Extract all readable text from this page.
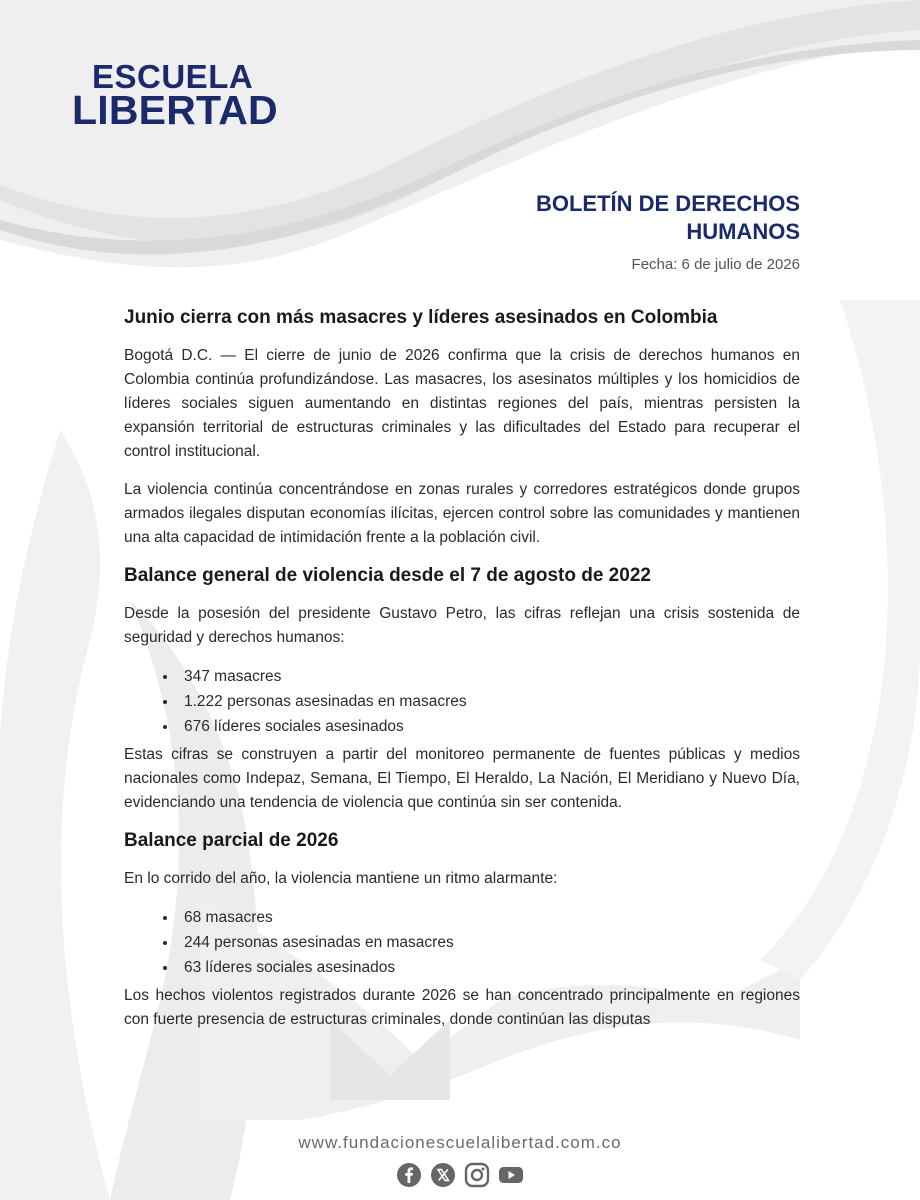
ESCUELA
LIBERTAD
BOLETÍN DE DERECHOS
HUMANOS
Fecha: 6 de julio de 2026
Junio cierra con más masacres y líderes asesinados en Colombia

Bogotá D.C. — El cierre de junio de 2026 confirma que la crisis de derechos humanos en Colombia continúa profundizándose. Las masacres, los asesinatos múltiples y los homicidios de líderes sociales siguen aumentando en distintas regiones del país, mientras persisten la expansión territorial de estructuras criminales y las dificultades del Estado para recuperar el control institucional.

La violencia continúa concentrándose en zonas rurales y corredores estratégicos donde grupos armados ilegales disputan economías ilícitas, ejercen control sobre las comunidades y mantienen una alta capacidad de intimidación frente a la población civil.

Balance general de violencia desde el 7 de agosto de 2022

Desde la posesión del presidente Gustavo Petro, las cifras reflejan una crisis sostenida de seguridad y derechos humanos:

• 347 masacres
• 1.222 personas asesinadas en masacres
• 676 líderes sociales asesinados

Estas cifras se construyen a partir del monitoreo permanente de fuentes públicas y medios nacionales como Indepaz, Semana, El Tiempo, El Heraldo, La Nación, El Meridiano y Nuevo Día, evidenciando una tendencia de violencia que continúa sin ser contenida.

Balance parcial de 2026

En lo corrido del año, la violencia mantiene un ritmo alarmante:

• 68 masacres
• 244 personas asesinadas en masacres
• 63 líderes sociales asesinados

Los hechos violentos registrados durante 2026 se han concentrado principalmente en regiones con fuerte presencia de estructuras criminales, donde continúan las disputas

www.fundacionescuelalibertad.com.co
